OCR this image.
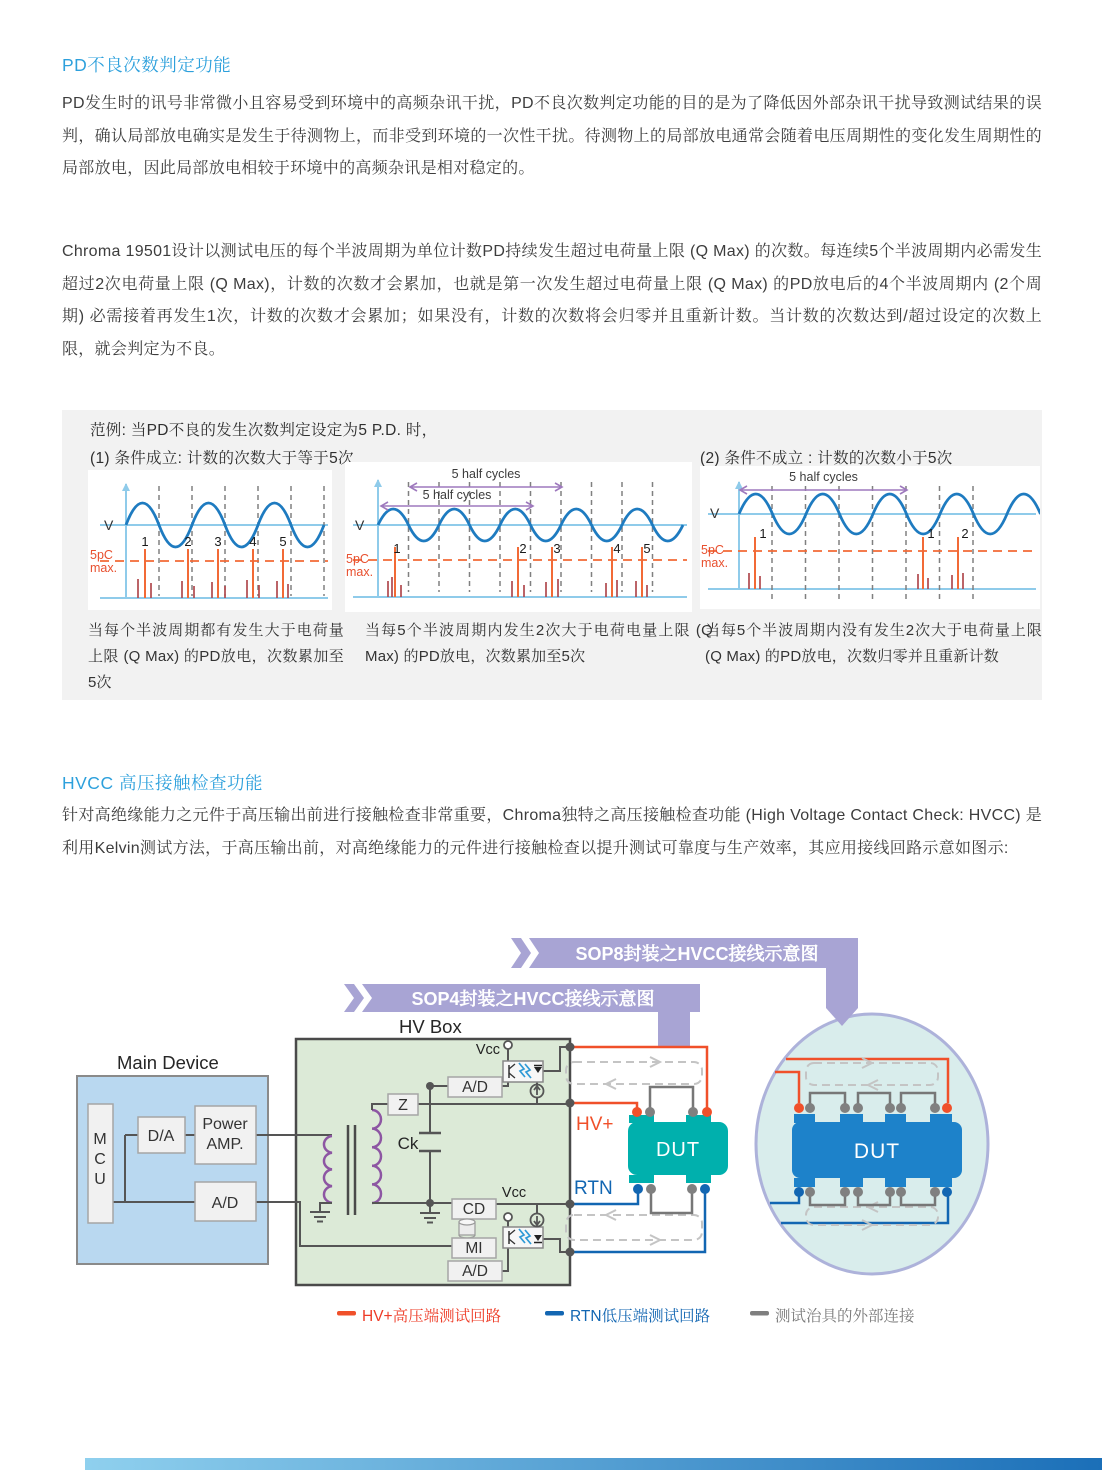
PD不良次数判定功能
PD发生时的讯号非常微小且容易受到环境中的高频杂讯干扰，PD不良次数判定功能的目的是为了降低因外部杂讯干扰导致测试结果的误判，确认局部放电确实是发生于待测物上，而非受到环境的一次性干扰。待测物上的局部放电通常会随着电压周期性的变化发生周期性的局部放电，因此局部放电相较于环境中的高频杂讯是相对稳定的。
Chroma 19501设计以测试电压的每个半波周期为单位计数PD持续发生超过电荷量上限 (Q Max) 的次数。每连续5个半波周期内必需发生超过2次电荷量上限 (Q Max)，计数的次数才会累加，也就是第一次发生超过电荷量上限 (Q Max) 的PD放电后的4个半波周期内 (2个周期) 必需接着再发生1次，计数的次数才会累加；如果没有，计数的次数将会归零并且重新计数。当计数的次数达到/超过设定的次数上限，就会判定为不良。
范例: 当PD不良的发生次数判定设定为5 P.D. 时，
(1) 条件成立: 计数的次数大于等于5次	(2) 条件不成立 : 计数的次数小于5次
1	2 3 4 5
V
5pC
max.
1	2 3	4 5
V
5pC
max.
5 half cycles
5 half cycles
1	1 2
V
5pC
max.
5 half cycles
当每个半波周期都有发生大于电荷量上限 (Q Max) 的PD放电，次数累加至5次
当每5个半波周期内发生2次大于电荷电量上限 (Q Max) 的PD放电，次数累加至5次
当每5个半波周期内没有发生2次大于电荷量上限 (Q Max) 的PD放电，次数归零并且重新计数
HVCC 高压接触检查功能
针对高绝缘能力之元件于高压输出前进行接触检查非常重要，Chroma独特之高压接触检查功能 (High Voltage Contact Check: HVCC) 是利用Kelvin测试方法，于高压输出前，对高绝缘能力的元件进行接触检查以提升测试可靠度与生产效率，其应用接线回路示意如图示:
SOP8封装之HVCC接线示意图
SOP4封装之HVCC接线示意图
HV Box
Main Device
M
C
U
D/A
Power
AMP.
A/D
Ck
Z
A/D
Vcc
CD
Vcc
MI
A/D
HV+
RTN
DUT	DUT
HV+高压端测试回路	RTN低压端测试回路	测试治具的外部连接
